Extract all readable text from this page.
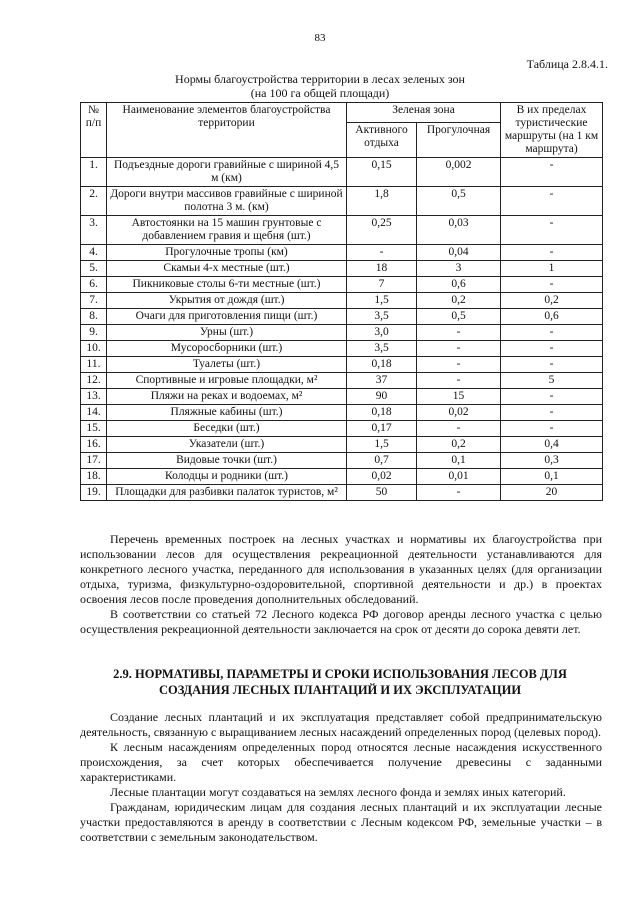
83
Таблица 2.8.4.1.
Нормы благоустройства территории в лесах зеленых зон
(на 100 га общей площади)
№ п/п	Наименование элементов благоустройства территории	Зеленая зона		В их пределах туристические маршруты (на 1 км маршрута)
		Активного отдыха	Прогулочная	
1.	Подъездные дороги гравийные с шириной 4,5 м (км)	0,15	0,002	-
2.	Дороги внутри массивов гравийные с шириной полотна 3 м. (км)	1,8	0,5	-
3.	Автостоянки на 15 машин грунтовые с добавлением гравия и щебня (шт.)	0,25	0,03	-
4.	Прогулочные тропы (км)	-	0,04	-
5.	Скамьи 4-х местные (шт.)	18	3	1
6.	Пикниковые столы 6-ти местные (шт.)	7	0,6	-
7.	Укрытия от дождя (шт.)	1,5	0,2	0,2
8.	Очаги для приготовления пищи (шт.)	3,5	0,5	0,6
9.	Урны (шт.)	3,0	-	-
10.	Мусоросборники (шт.)	3,5	-	-
11.	Туалеты (шт.)	0,18	-	-
12.	Спортивные и игровые площадки, м²	37	-	5
13.	Пляжи на реках и водоемах, м²	90	15	-
14.	Пляжные кабины (шт.)	0,18	0,02	-
15.	Беседки (шт.)	0,17	-	-
16.	Указатели (шт.)	1,5	0,2	0,4
17.	Видовые точки (шт.)	0,7	0,1	0,3
18.	Колодцы и родники (шт.)	0,02	0,01	0,1
19.	Площадки для разбивки палаток туристов, м²	50	-	20

Перечень временных построек на лесных участках и нормативы их благоустройства при использовании лесов для осуществления рекреационной деятельности устанавливаются для конкретного лесного участка, переданного для использования в указанных целях (для организации отдыха, туризма, физкультурно-оздоровительной, спортивной деятельности и др.) в проектах освоения лесов после проведения дополнительных обследований.

В соответствии со статьей 72 Лесного кодекса РФ договор аренды лесного участка с целью осуществления рекреационной деятельности заключается на срок от десяти до сорока девяти лет.

2.9. НОРМАТИВЫ, ПАРАМЕТРЫ И СРОКИ ИСПОЛЬЗОВАНИЯ ЛЕСОВ ДЛЯ СОЗДАНИЯ ЛЕСНЫХ ПЛАНТАЦИЙ И ИХ ЭКСПЛУАТАЦИИ

Создание лесных плантаций и их эксплуатация представляет собой предпринимательскую деятельность, связанную с выращиванием лесных насаждений определенных пород (целевых пород).

К лесным насаждениям определенных пород относятся лесные насаждения искусственного происхождения, за счет которых обеспечивается получение древесины с заданными характеристиками.

Лесные плантации могут создаваться на землях лесного фонда и землях иных категорий.

Гражданам, юридическим лицам для создания лесных плантаций и их эксплуатации лесные участки предоставляются в аренду в соответствии с Лесным кодексом РФ, земельные участки – в соответствии с земельным законодательством.
